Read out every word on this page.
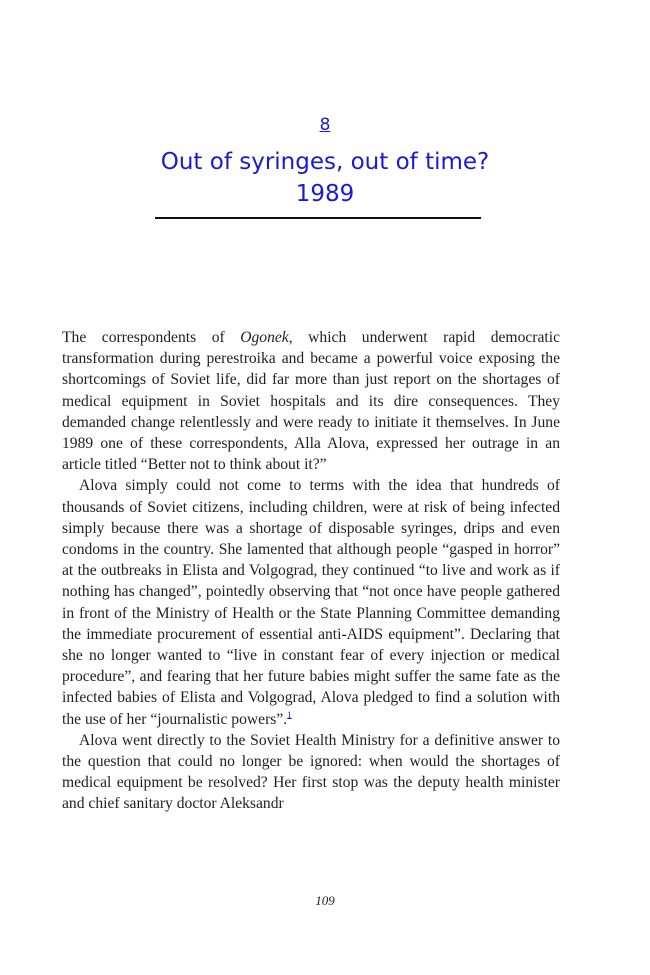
8
Out of syringes, out of time?
1989

The correspondents of Ogonek, which underwent rapid democratic transformation during perestroika and became a powerful voice exposing the shortcomings of Soviet life, did far more than just report on the shortages of medical equipment in Soviet hospitals and its dire consequences. They demanded change relentlessly and were ready to initiate it themselves. In June 1989 one of these correspondents, Alla Alova, expressed her outrage in an article titled “Better not to think about it?”

Alova simply could not come to terms with the idea that hundreds of thousands of Soviet citizens, including children, were at risk of being infected simply because there was a shortage of disposable syringes, drips and even condoms in the country. She lamented that although people “gasped in horror” at the outbreaks in Elista and Volgograd, they continued “to live and work as if nothing has changed”, pointedly observing that “not once have people gathered in front of the Ministry of Health or the State Planning Committee demanding the immediate procurement of essential anti-AIDS equipment”. Declaring that she no longer wanted to “live in constant fear of every injection or medical procedure”, and fearing that her future babies might suffer the same fate as the infected babies of Elista and Volgograd, Alova pledged to find a solution with the use of her “journalistic powers”.$^1$

Alova went directly to the Soviet Health Ministry for a definitive answer to the question that could no longer be ignored: when would the shortages of medical equipment be resolved? Her first stop was the deputy health minister and chief sanitary doctor Aleksandr

109
